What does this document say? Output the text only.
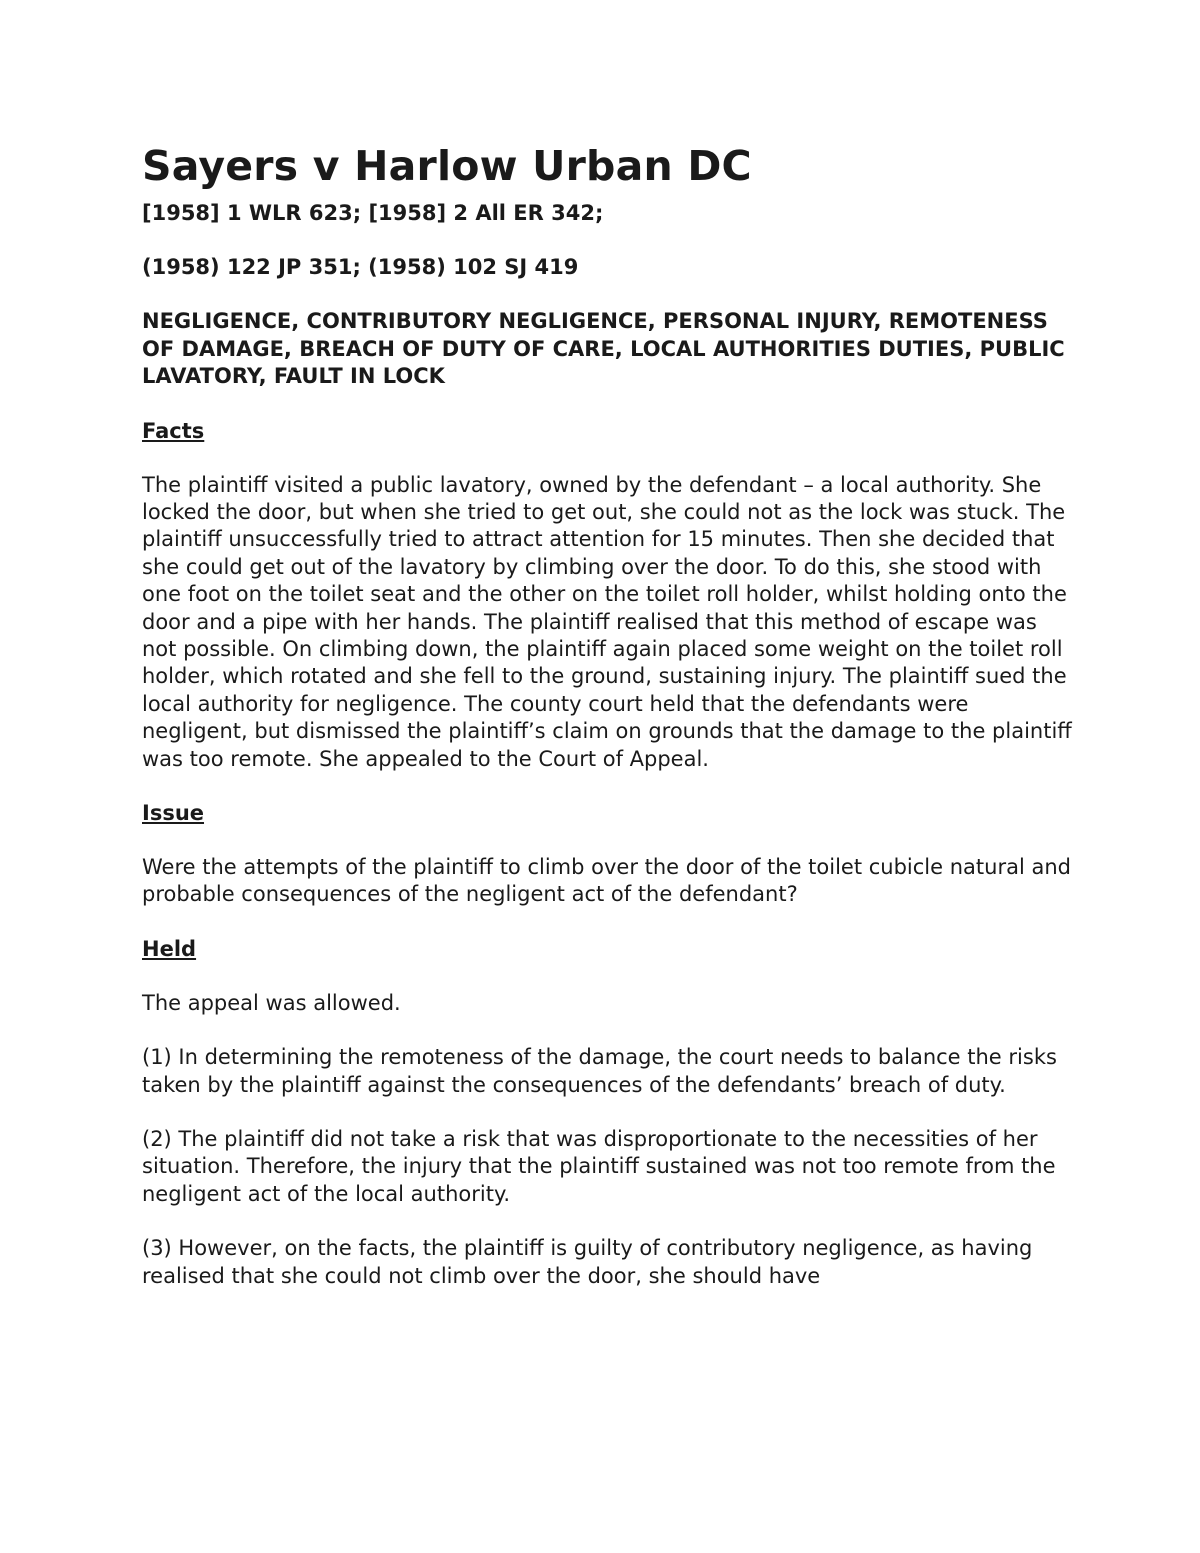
Sayers v Harlow Urban DC

[1958] 1 WLR 623; [1958] 2 All ER 342;

(1958) 122 JP 351; (1958) 102 SJ 419

NEGLIGENCE, CONTRIBUTORY NEGLIGENCE, PERSONAL INJURY, REMOTENESS OF DAMAGE, BREACH OF DUTY OF CARE, LOCAL AUTHORITIES DUTIES, PUBLIC LAVATORY, FAULT IN LOCK

Facts

The plaintiff visited a public lavatory, owned by the defendant – a local authority. She locked the door, but when she tried to get out, she could not as the lock was stuck. The plaintiff unsuccessfully tried to attract attention for 15 minutes. Then she decided that she could get out of the lavatory by climbing over the door. To do this, she stood with one foot on the toilet seat and the other on the toilet roll holder, whilst holding onto the door and a pipe with her hands. The plaintiff realised that this method of escape was not possible. On climbing down, the plaintiff again placed some weight on the toilet roll holder, which rotated and she fell to the ground, sustaining injury. The plaintiff sued the local authority for negligence. The county court held that the defendants were negligent, but dismissed the plaintiff’s claim on grounds that the damage to the plaintiff was too remote. She appealed to the Court of Appeal.

Issue

Were the attempts of the plaintiff to climb over the door of the toilet cubicle natural and probable consequences of the negligent act of the defendant?

Held

The appeal was allowed.

(1) In determining the remoteness of the damage, the court needs to balance the risks taken by the plaintiff against the consequences of the defendants’ breach of duty.

(2) The plaintiff did not take a risk that was disproportionate to the necessities of her situation. Therefore, the injury that the plaintiff sustained was not too remote from the negligent act of the local authority.

(3) However, on the facts, the plaintiff is guilty of contributory negligence, as having realised that she could not climb over the door, she should have
